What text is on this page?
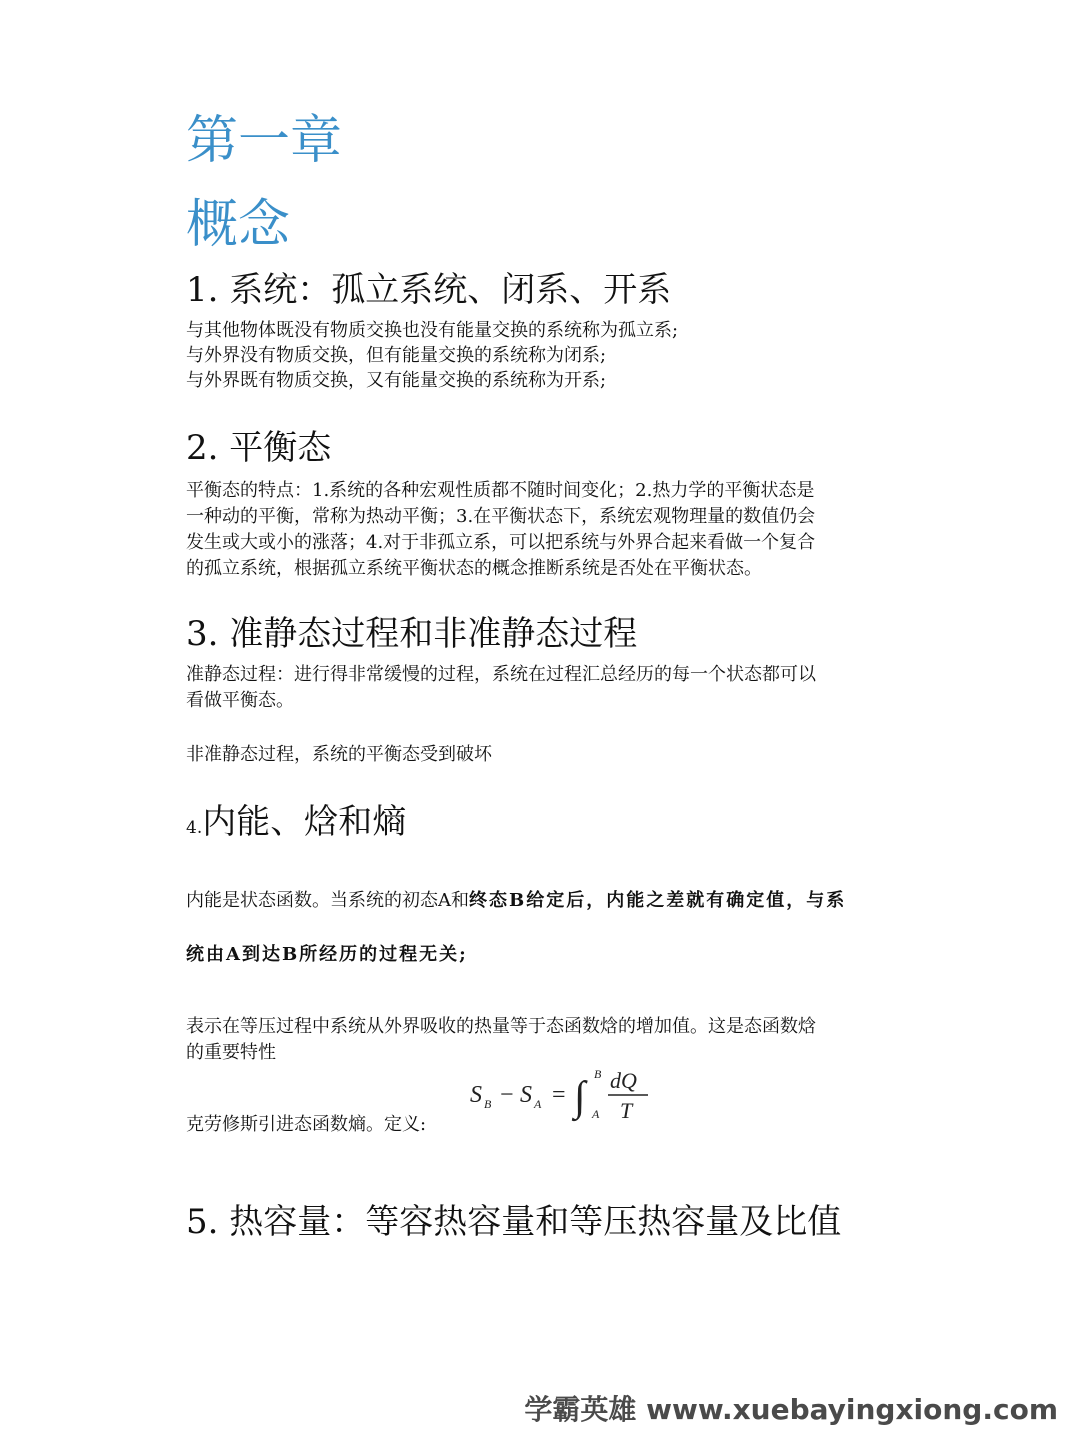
第一章
概念
1. 系统：孤立系统、闭系、开系
与其他物体既没有物质交换也没有能量交换的系统称为孤立系;
与外界没有物质交换，但有能量交换的系统称为闭系;
与外界既有物质交换，又有能量交换的系统称为开系;
2. 平衡态
平衡态的特点：1.系统的各种宏观性质都不随时间变化；2.热力学的平衡状态是
一种动的平衡，常称为热动平衡；3.在平衡状态下，系统宏观物理量的数值仍会
发生或大或小的涨落；4.对于非孤立系，可以把系统与外界合起来看做一个复合
的孤立系统，根据孤立系统平衡状态的概念推断系统是否处在平衡状态。
3. 准静态过程和非准静态过程
准静态过程：进行得非常缓慢的过程，系统在过程汇总经历的每一个状态都可以
看做平衡态。
非准静态过程，系统的平衡态受到破坏
4.内能、焓和熵
内能是状态函数。当系统的初态A和终态B给定后，内能之差就有确定值，与系
统由A到达B所经历的过程无关;
表示在等压过程中系统从外界吸收的热量等于态函数焓的增加值。这是态函数焓
的重要特性
克劳修斯引进态函数熵。定义:
S B − S A = ∫ B
A
dQ
T
5. 热容量：等容热容量和等压热容量及比值
学霸英雄 www.xuebayingxiong.com
